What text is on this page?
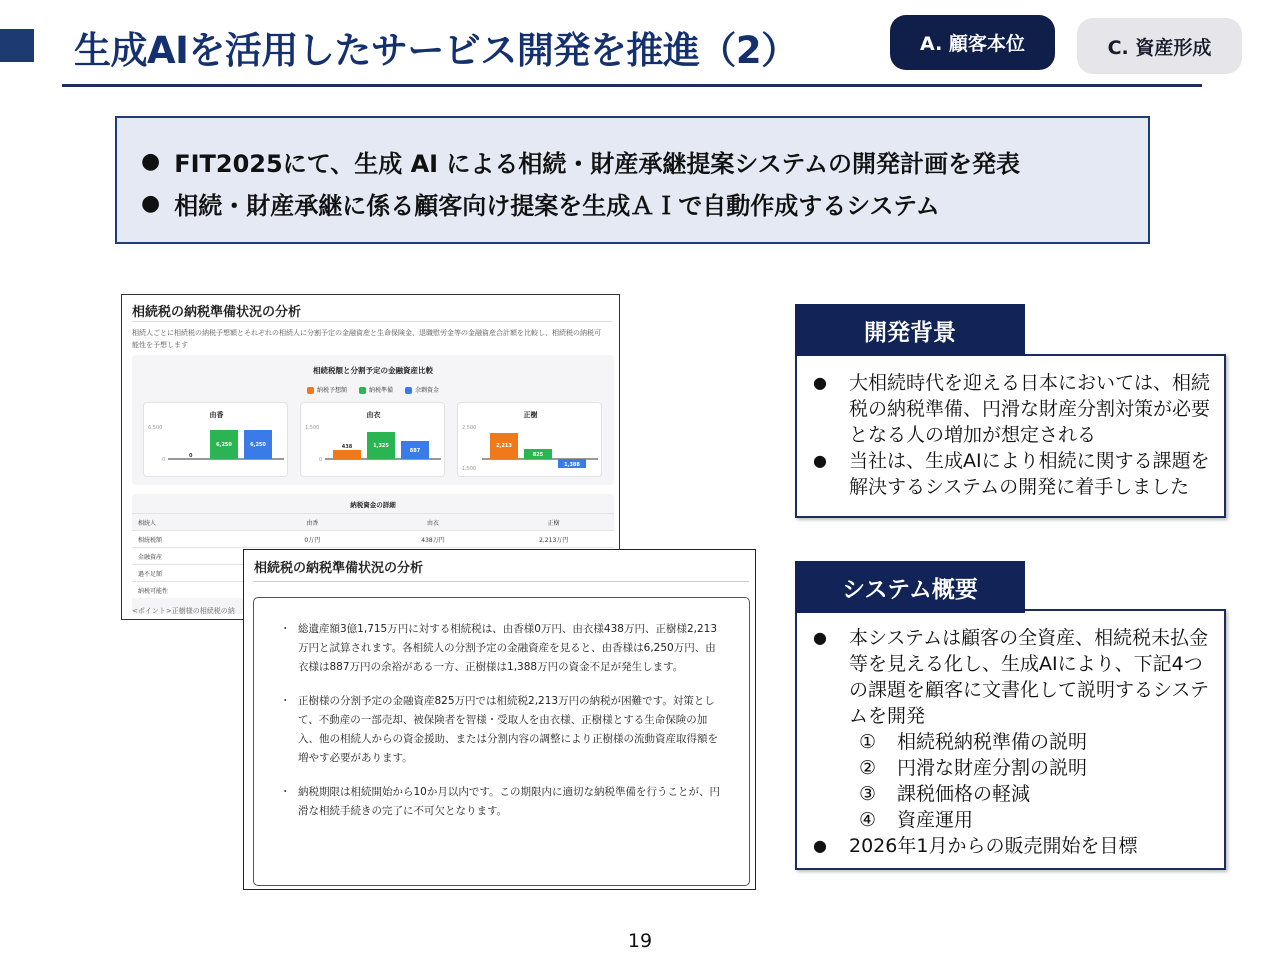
生成AIを活用したサービス開発を推進（2）	A. 顧客本位	C. 資産形成
● FIT2025にて、生成 AI による相続・財産承継提案システムの開発計画を発表
● 相続・財産承継に係る顧客向け提案を生成ＡＩで自動作成するシステム
相続税の納税準備状況の分析
相続人ごとに相続税の納税予想額とそれぞれの相続人に分割予定の金融資産と生命保険金、退職慰労金等の金融資産合計額を比較し、相続税の納税可能性を予想します
相続税額と分割予定の金融資産比較
納税予想額	納税準備	余剰資金
由香
6,500
0
0
6,250	6,250
由衣
1,500
0
438	1,325
887
正樹
2,500
-1,500
2,213
825
1,388
納税資金の詳細
相続人	由香	由衣	正樹
相続税額	0万円	438万円	2,213万円
金融資産
過不足額
納税可能性
<ポイント>正樹様の相続税の納
相続税の納税準備状況の分析
・ 総遺産額3億1,715万円に対する相続税は、由香様0万円、由衣様438万円、正樹様2,213万円と試算されます。各相続人の分割予定の金融資産を見ると、由香様は6,250万円、由衣様は887万円の余裕がある一方、正樹様は1,388万円の資金不足が発生します。
・ 正樹様の分割予定の金融資産825万円では相続税2,213万円の納税が困難です。対策として、不動産の一部売却、被保険者を智様・受取人を由衣様、正樹様とする生命保険の加入、他の相続人からの資金援助、または分割内容の調整により正樹様の流動資産取得額を増やす必要があります。
・ 納税期限は相続開始から10か月以内です。この期限内に適切な納税準備を行うことが、円滑な相続手続きの完了に不可欠となります。
●	大相続時代を迎える日本においては、相続税の納税準備、円滑な財産分割対策が必要となる人の増加が想定される
●	当社は、生成AIにより相続に関する課題を解決するシステムの開発に着手しました
開発背景
●	本システムは顧客の全資産、相続税未払金等を見える化し、生成AIにより、下記4つの課題を顧客に文書化して説明するシステムを開発
①	相続税納税準備の説明
②	円滑な財産分割の説明
③	課税価格の軽減
④	資産運用
●	2026年1月からの販売開始を目標
システム概要
19
